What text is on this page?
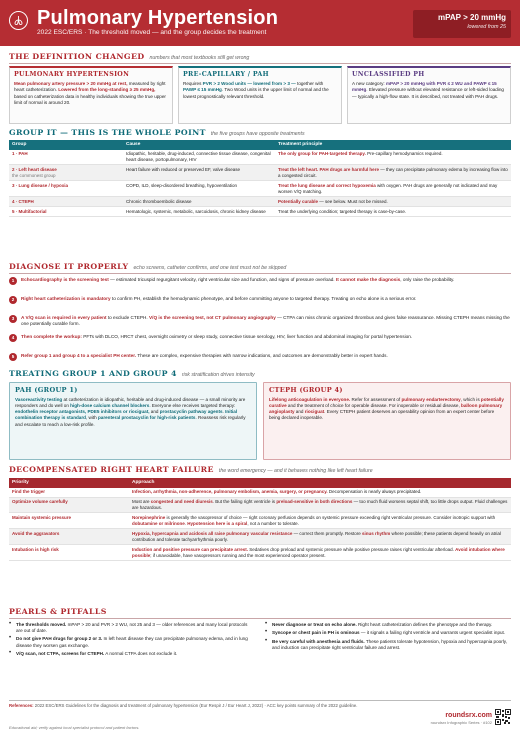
Pulmonary Hypertension
2022 ESC/ERS · The threshold moved — and the group decides the treatment
mPAP > 20 mmHg
lowered from 25
THE DEFINITION CHANGED numbers that most textbooks still get wrong
PULMONARY HYPERTENSION
Mean pulmonary artery pressure > 20 mmHg at rest, measured by right heart catheterization. Lowered from the long-standing ≥ 25 mmHg, based on catheterization data in healthy individuals showing the true upper limit of normal is around 20.
PRE-CAPILLARY / PAH
Requires PVR > 2 Wood units — lowered from > 3 — together with PAWP ≤ 15 mmHg. Two Wood units is the upper limit of normal and the lowest prognostically relevant threshold.
UNCLASSIFIED PH
A new category: mPAP > 20 mmHg with PVR ≤ 2 WU and PAWP ≤ 15 mmHg. Elevated pressure without elevated resistance or left-sided loading — typically a high-flow state. It is described, not treated with PAH drugs.
GROUP IT — THIS IS THE WHOLE POINT the five groups have opposite treatments
Group	Cause	Treatment principle
1 · PAH	Idiopathic, heritable, drug-induced, connective tissue disease, congenital heart disease, portopulmonary, HIV	The only group for PAH-targeted therapy. Pre-capillary hemodynamics required.
2 · Left heart disease
the commonest group	Heart failure with reduced or preserved EF, valve disease	Treat the left heart. PAH drugs are harmful here — they can precipitate pulmonary edema by increasing flow into a congested circuit.
3 · Lung disease / hypoxia	COPD, ILD, sleep-disordered breathing, hypoventilation	Treat the lung disease and correct hypoxemia with oxygen. PAH drugs are generally not indicated and may worsen V/Q matching.
4 · CTEPH	Chronic thromboembolic disease	Potentially curable — see below. Must not be missed.
5 · Multifactorial	Hematologic, systemic, metabolic, sarcoidosis, chronic kidney disease	Treat the underlying condition; targeted therapy is case-by-case.
DIAGNOSE IT PROPERLY echo screens, catheter confirms, and one test must not be skipped
1	Echocardiography is the screening test — estimated tricuspid regurgitant velocity, right ventricular size and function, and signs of pressure overload. It cannot make the diagnosis, only raise the probability.
2	Right heart catheterization is mandatory to confirm PH, establish the hemodynamic phenotype, and before committing anyone to targeted therapy. Treating on echo alone is a serious error.
3	A V/Q scan is required in every patient to exclude CTEPH. V/Q is the screening test, not CT pulmonary angiography — CTPA can miss chronic organized thrombus and gives false reassurance. Missing CTEPH means missing the one potentially curable form.
4	Then complete the workup: PFTs with DLCO, HRCT chest, overnight oximetry or sleep study, connective tissue serology, HIV, liver function and abdominal imaging for portal hypertension.
5	Refer group 1 and group 4 to a specialist PH center. These are complex, expensive therapies with narrow indications, and outcomes are demonstrably better in expert hands.
TREATING GROUP 1 AND GROUP 4 risk stratification drives intensity
PAH (GROUP 1)
Vasoreactivity testing at catheterization in idiopathic, heritable and drug-induced disease — a small minority are responders and do well on high-dose calcium channel blockers. Everyone else receives targeted therapy: endothelin receptor antagonists, PDE5 inhibitors or riociguat, and prostacyclin pathway agents. Initial combination therapy is standard, with parenteral prostacyclin for high-risk patients. Reassess risk regularly and escalate to reach a low-risk profile.
CTEPH (GROUP 4)
Lifelong anticoagulation in everyone. Refer for assessment of pulmonary endarterectomy, which is potentially curative and the treatment of choice for operable disease. For inoperable or residual disease, balloon pulmonary angioplasty and riociguat. Every CTEPH patient deserves an operability opinion from an expert center before being declared inoperable.
DECOMPENSATED RIGHT HEART FAILURE the word emergency — and it behaves nothing like left heart failure
Priority	Approach
Find the trigger	Infection, arrhythmia, non-adherence, pulmonary embolism, anemia, surgery, or pregnancy. Decompensation is nearly always precipitated.
Optimize volume carefully	Most are congested and need diuresis. But the failing right ventricle is preload-sensitive in both directions — too much fluid worsens septal shift, too little drops output. Fluid challenges are hazardous.
Maintain systemic pressure	Norepinephrine is generally the vasopressor of choice — right coronary perfusion depends on systemic pressure exceeding right ventricular pressure. Consider inotropic support with dobutamine or milrinone. Hypotension here is a spiral, not a number to tolerate.
Avoid the aggravators	Hypoxia, hypercapnia and acidosis all raise pulmonary vascular resistance — correct them promptly. Restore sinus rhythm where possible; these patients depend heavily on atrial contribution and tolerate tachyarrhythmia poorly.
Intubation is high risk	Induction and positive pressure can precipitate arrest. Sedatives drop preload and systemic pressure while positive pressure raises right ventricular afterload. Avoid intubation where possible; if unavoidable, have vasopressors running and the most experienced operator present.
PEARLS & PITFALLS
•	The thresholds moved. mPAP > 20 and PVR > 2 WU, not 25 and 3 — older references and many local protocols are out of date.
•	Do not give PAH drugs for group 2 or 3. In left heart disease they can precipitate pulmonary edema, and in lung disease they worsen gas exchange.
•	V/Q scan, not CTPA, screens for CTEPH. A normal CTPA does not exclude it.
•	Never diagnose or treat on echo alone. Right heart catheterization defines the phenotype and the therapy.
•	Syncope or chest pain in PH is ominous — it signals a failing right ventricle and warrants urgent specialist input.
•	Be very careful with anesthesia and fluids. These patients tolerate hypotension, hypoxia and hypercapnia poorly, and induction can precipitate right ventricular failure and arrest.
References: 2022 ESC/ERS Guidelines for the diagnosis and treatment of pulmonary hypertension (Eur Respir J / Eur Heart J, 2022) · ACC key points summary of the 2022 guideline.
Educational aid; verify against local specialist protocol and patient factors.
roundsrx.com
roundsrx Infographic Series · #102
